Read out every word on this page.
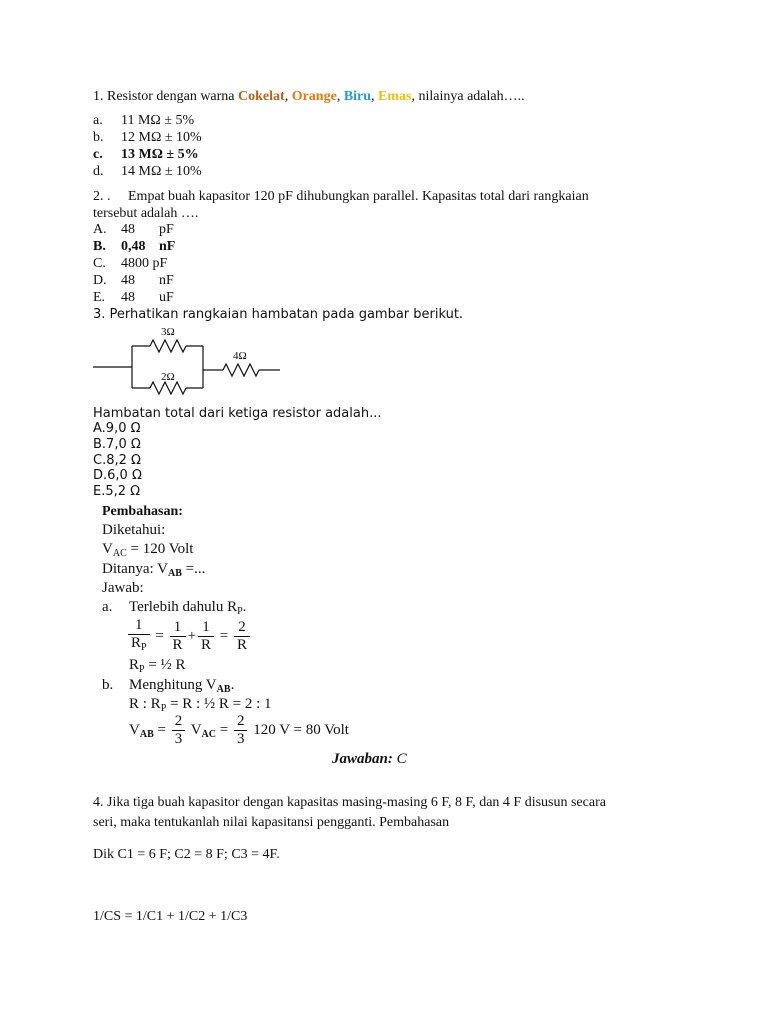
1. Resistor dengan warna Cokelat, Orange, Biru, Emas, nilainya adalah…..
a. 11 MΩ ± 5%
b. 12 MΩ ± 10%
c. 13 MΩ ± 5%
d. 14 MΩ ± 10%
2. . Empat buah kapasitor 120 pF dihubungkan parallel. Kapasitas total dari rangkaian
tersebut adalah ….
A. 48 pF
B. 0,48 nF
C. 4800 pF
D. 48 nF
E. 48 uF
3. Perhatikan rangkaian hambatan pada gambar berikut.
3Ω
2Ω
4Ω
Hambatan total dari ketiga resistor adalah...
A.9,0 Ω
B.7,0 Ω
C.8,2 Ω
D.6,0 Ω
E.5,2 Ω
Pembahasan:
Diketahui:
$V_{AC} = 120$ Volt
Ditanya: $V_{AB}$ =...
Jawab:
a. Terlebih dahulu $R_P$.
$\frac{1}{R_P} = \frac{1}{R} + \frac{1}{R} = \frac{2}{R}$
$R_P$ = ½ R
b. Menghitung $V_{AB}$.
R : $R_P = R$ : ½ R = 2 : 1
$V_{AB} = \frac{2}{3} V_{AC} = \frac{2}{3} 120$ V = 80 Volt
Jawaban: C
4. Jika tiga buah kapasitor dengan kapasitas masing-masing 6 F, 8 F, dan 4 F disusun secara
seri, maka tentukanlah nilai kapasitansi pengganti. Pembahasan
Dik C1 = 6 F; C2 = 8 F; C3 = 4F.
1/CS = 1/C1 + 1/C2 + 1/C3
